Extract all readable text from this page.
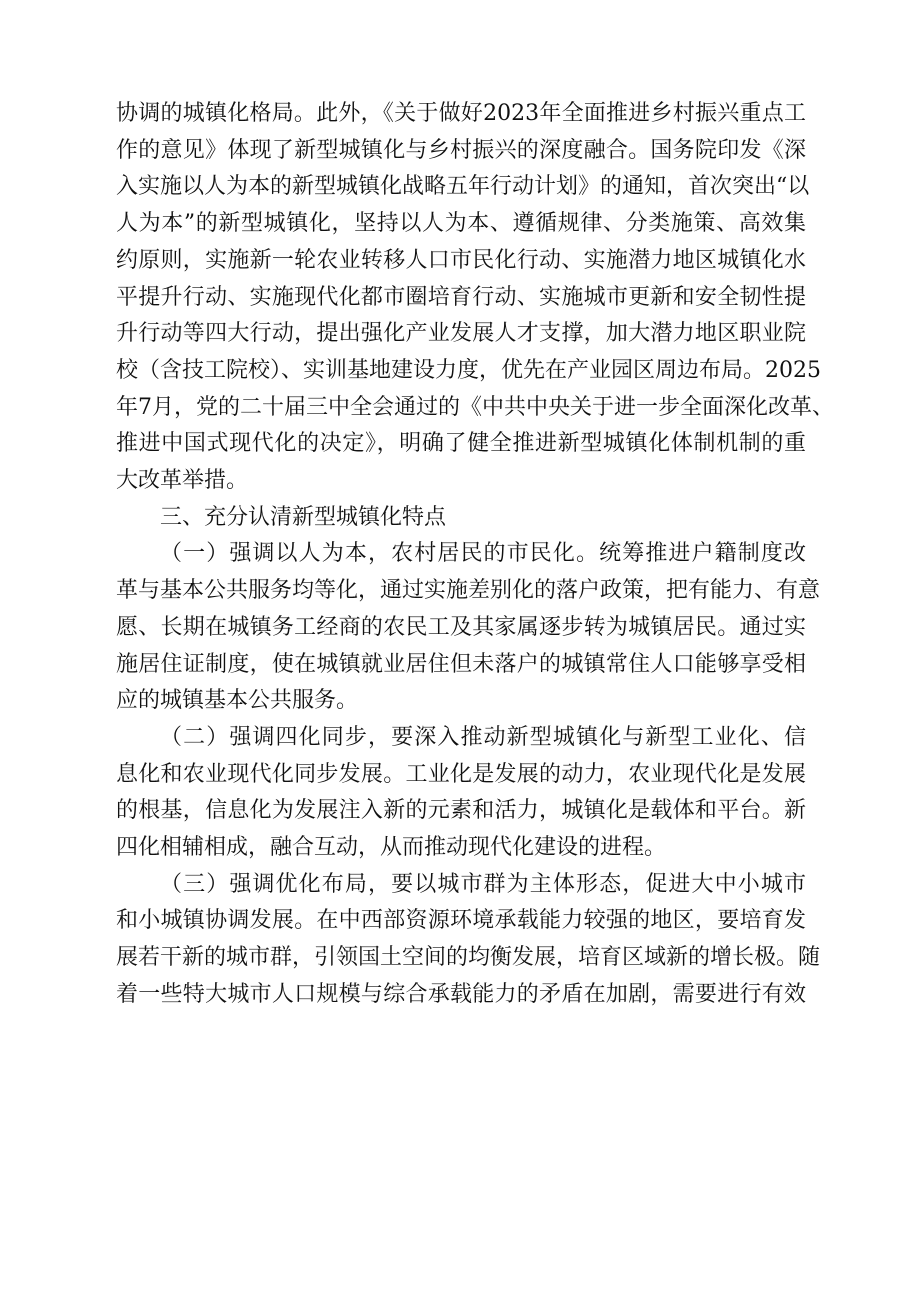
协调的城镇化格局。此外，《关于做好2023年全面推进乡村振兴重点工
作的意见》体现了新型城镇化与乡村振兴的深度融合。国务院印发《深
入实施以人为本的新型城镇化战略五年行动计划》的通知，首次突出“以
人为本”的新型城镇化，坚持以人为本、遵循规律、分类施策、高效集
约原则，实施新一轮农业转移人口市民化行动、实施潜力地区城镇化水
平提升行动、实施现代化都市圈培育行动、实施城市更新和安全韧性提
升行动等四大行动，提出强化产业发展人才支撑，加大潜力地区职业院
校（含技工院校）、实训基地建设力度，优先在产业园区周边布局。2025
年7月，党的二十届三中全会通过的《中共中央关于进一步全面深化改革、
推进中国式现代化的决定》，明确了健全推进新型城镇化体制机制的重
大改革举措。

三、充分认清新型城镇化特点

（一）强调以人为本，农村居民的市民化。统筹推进户籍制度改
革与基本公共服务均等化，通过实施差别化的落户政策，把有能力、有意
愿、长期在城镇务工经商的农民工及其家属逐步转为城镇居民。通过实
施居住证制度，使在城镇就业居住但未落户的城镇常住人口能够享受相
应的城镇基本公共服务。

（二）强调四化同步，要深入推动新型城镇化与新型工业化、信
息化和农业现代化同步发展。工业化是发展的动力，农业现代化是发展
的根基，信息化为发展注入新的元素和活力，城镇化是载体和平台。新
四化相辅相成，融合互动，从而推动现代化建设的进程。

（三）强调优化布局，要以城市群为主体形态，促进大中小城市
和小城镇协调发展。在中西部资源环境承载能力较强的地区，要培育发
展若干新的城市群，引领国土空间的均衡发展，培育区域新的增长极。随
着一些特大城市人口规模与综合承载能力的矛盾在加剧，需要进行有效
